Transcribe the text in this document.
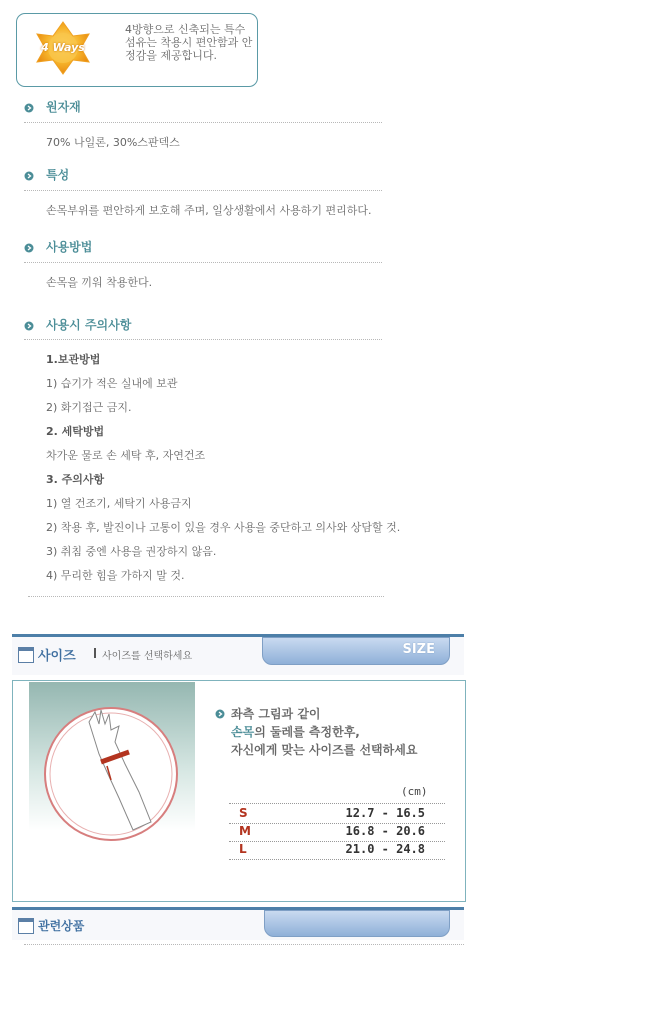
4 Ways
4방향으로 신축되는 특수 섬유는 착용시 편안함과 안정감을 제공합니다.
원자재
70% 나일론, 30%스판덱스
특성
손목부위를 편안하게 보호해 주며, 일상생활에서 사용하기 편리하다.
사용방법
손목을 끼워 착용한다.
사용시 주의사항
1.보관방법
1) 습기가 적은 실내에 보관
2) 화기접근 금지.
2. 세탁방법
차가운 물로 손 세탁 후, 자연건조
3. 주의사항
1) 열 건조기, 세탁기 사용금지
2) 착용 후, 발진이나 고통이 있을 경우 사용을 중단하고 의사와 상담할 것.
3) 취침 중엔 사용을 권장하지 않음.
4) 무리한 힘을 가하지 말 것.
사이즈	사이즈를 선택하세요	SIZE
좌측 그림과 같이
손목의 둘레를 측정한후,
자신에게 맞는 사이즈를 선택하세요
(cm)
S	12.7 - 16.5
M	16.8 - 20.6
L	21.0 - 24.8
관련상품
